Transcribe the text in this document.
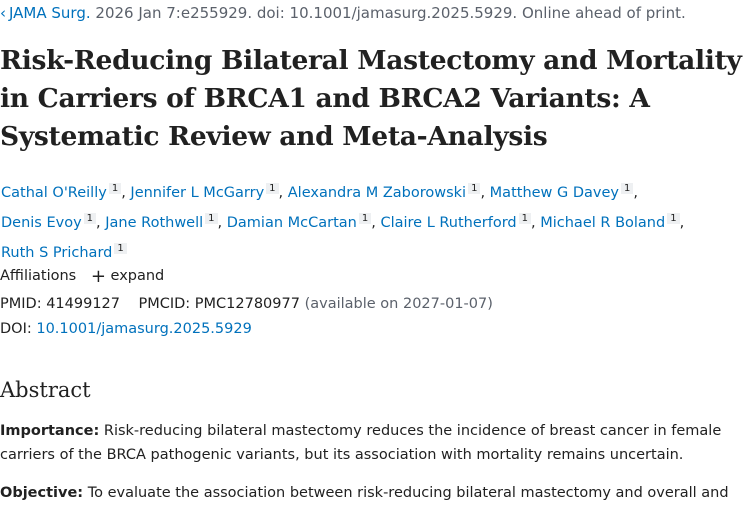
‹ JAMA Surg. 2026 Jan 7:e255929. doi: 10.1001/jamasurg.2025.5929. Online ahead of print.
Risk-Reducing Bilateral Mastectomy and Mortality in Carriers of BRCA1 and BRCA2 Variants: A Systematic Review and Meta-Analysis

Cathal O'Reilly $^1$ , Jennifer L McGarry $^1$ , Alexandra M Zaborowski $^1$ , Matthew G Davey $^1$ ,
Denis Evoy $^1$ , Jane Rothwell $^1$ , Damian McCartan $^1$ , Claire L Rutherford $^1$ , Michael R Boland $^1$ ,
Ruth S Prichard $^1$

Affiliations + expand
PMID: 41499127 PMCID: PMC12780977 (available on 2027-01-07)
DOI: 10.1001/jamasurg.2025.5929
Abstract

Importance: Risk-reducing bilateral mastectomy reduces the incidence of breast cancer in female carriers of the BRCA pathogenic variants, but its association with mortality remains uncertain.

Objective: To evaluate the association between risk-reducing bilateral mastectomy and overall and
